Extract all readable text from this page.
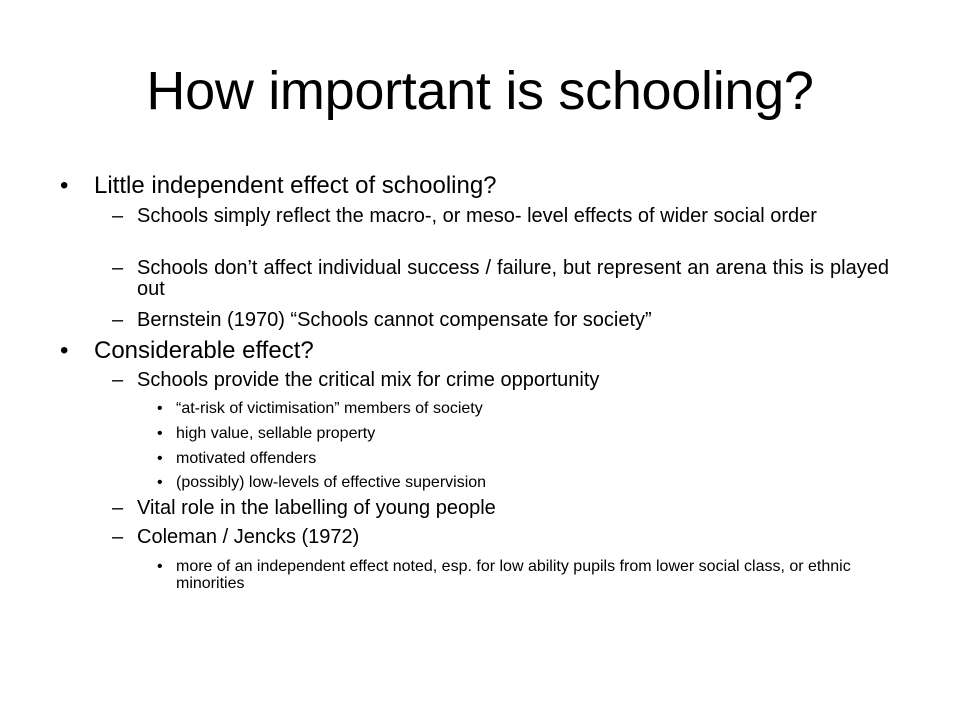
How important is schooling?
• Little independent effect of schooling?
– Schools simply reflect the macro-, or meso- level effects of wider social order
– Schools don’t affect individual success / failure, but represent an arena this is played out
– Bernstein (1970) “Schools cannot compensate for society”
• Considerable effect?
– Schools provide the critical mix for crime opportunity
• “at-risk of victimisation” members of society
• high value, sellable property
• motivated offenders
• (possibly) low-levels of effective supervision
– Vital role in the labelling of young people
– Coleman / Jencks (1972)
• more of an independent effect noted, esp. for low ability pupils from lower social class, or ethnic minorities
